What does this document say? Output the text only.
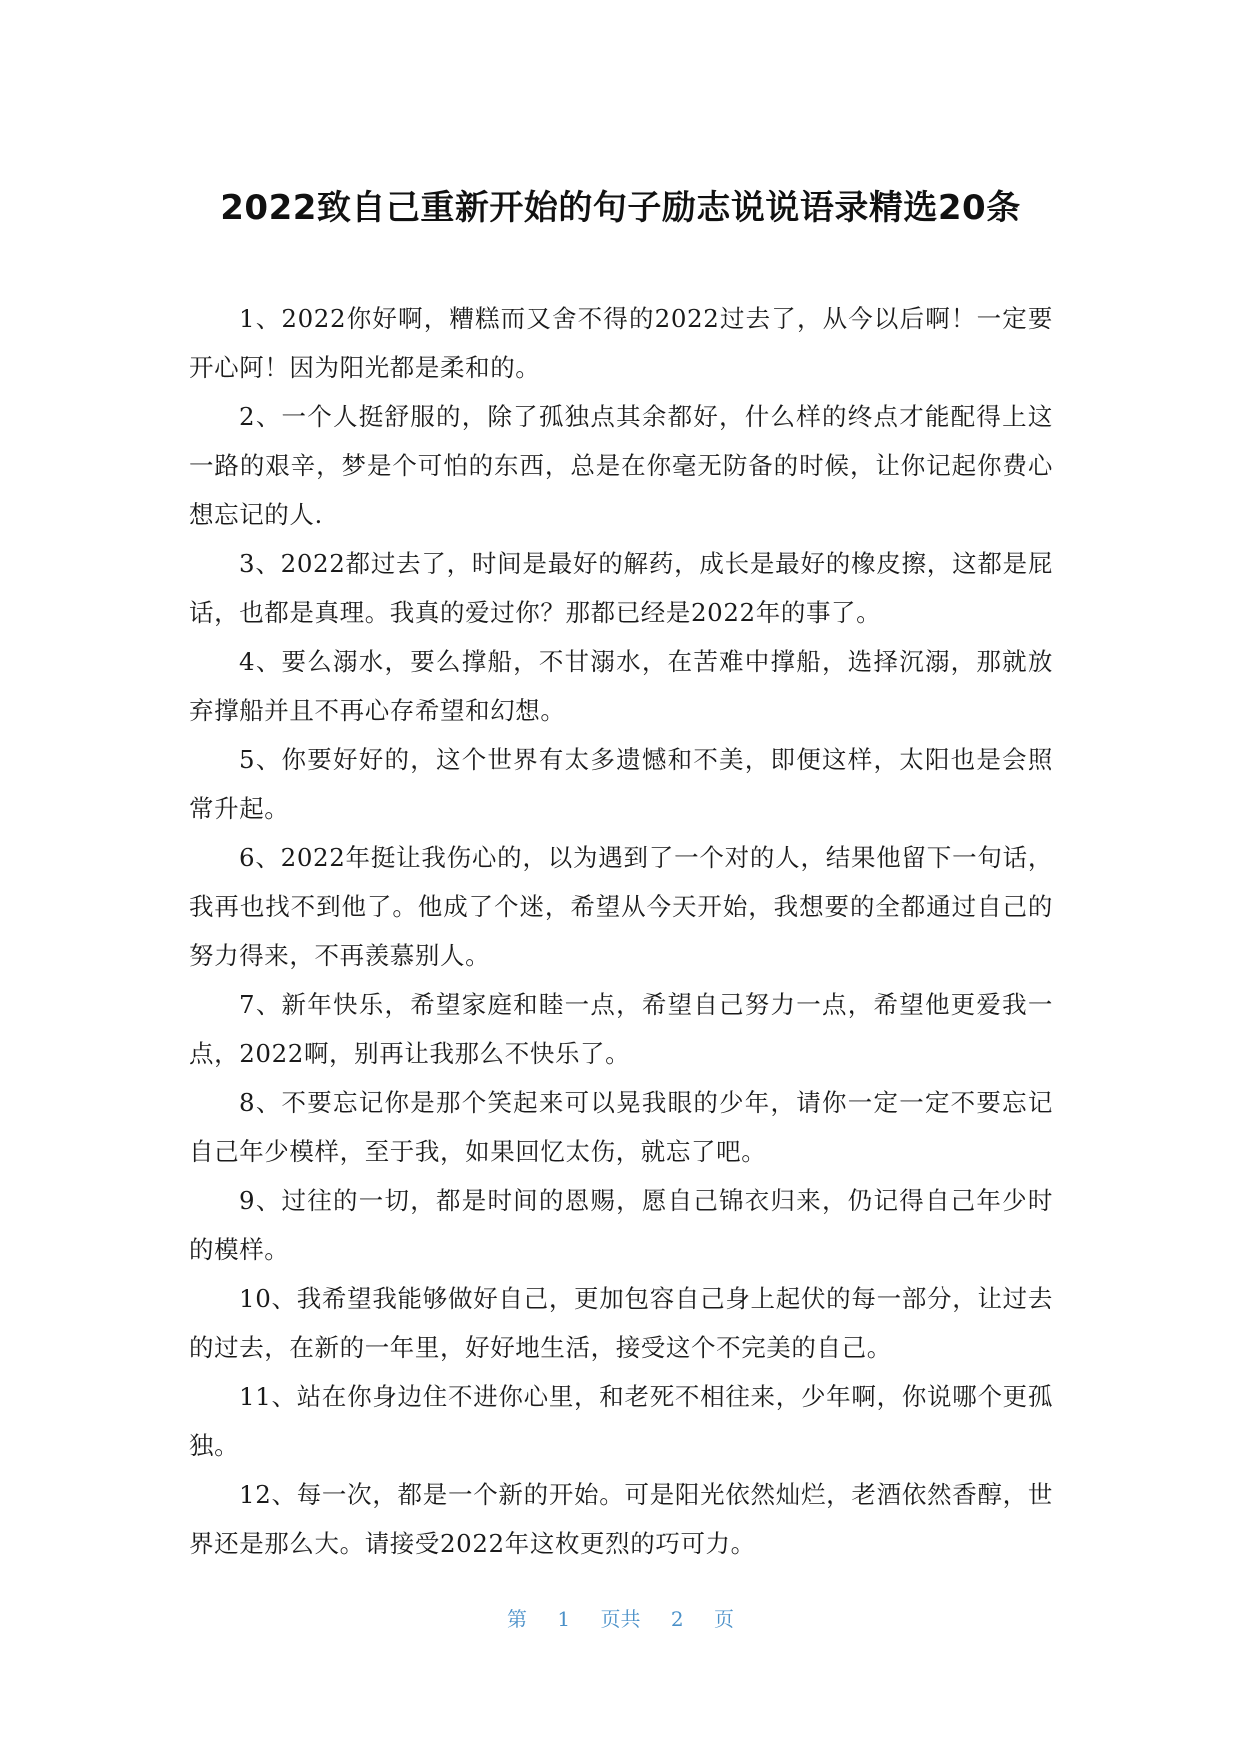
2022致自己重新开始的句子励志说说语录精选20条

1、2022你好啊，糟糕而又舍不得的2022过去了，从今以后啊！一定要开心阿！因为阳光都是柔和的。

2、一个人挺舒服的，除了孤独点其余都好，什么样的终点才能配得上这一路的艰辛，梦是个可怕的东西，总是在你毫无防备的时候，让你记起你费心想忘记的人.

3、2022都过去了，时间是最好的解药，成长是最好的橡皮擦，这都是屁话，也都是真理。我真的爱过你？那都已经是2022年的事了。

4、要么溺水，要么撑船，不甘溺水，在苦难中撑船，选择沉溺，那就放弃撑船并且不再心存希望和幻想。

5、你要好好的，这个世界有太多遗憾和不美，即便这样，太阳也是会照常升起。

6、2022年挺让我伤心的，以为遇到了一个对的人，结果他留下一句话，我再也找不到他了。他成了个迷，希望从今天开始，我想要的全都通过自己的努力得来，不再羡慕别人。

7、新年快乐，希望家庭和睦一点，希望自己努力一点，希望他更爱我一点，2022啊，别再让我那么不快乐了。

8、不要忘记你是那个笑起来可以晃我眼的少年，请你一定一定不要忘记自己年少模样，至于我，如果回忆太伤，就忘了吧。

9、过往的一切，都是时间的恩赐，愿自己锦衣归来，仍记得自己年少时的模样。

10、我希望我能够做好自己，更加包容自己身上起伏的每一部分，让过去的过去，在新的一年里，好好地生活，接受这个不完美的自己。

11、站在你身边住不进你心里，和老死不相往来，少年啊，你说哪个更孤独。

12、每一次，都是一个新的开始。可是阳光依然灿烂，老酒依然香醇，世界还是那么大。请接受2022年这枚更烈的巧可力。

第 1 页共 2 页
